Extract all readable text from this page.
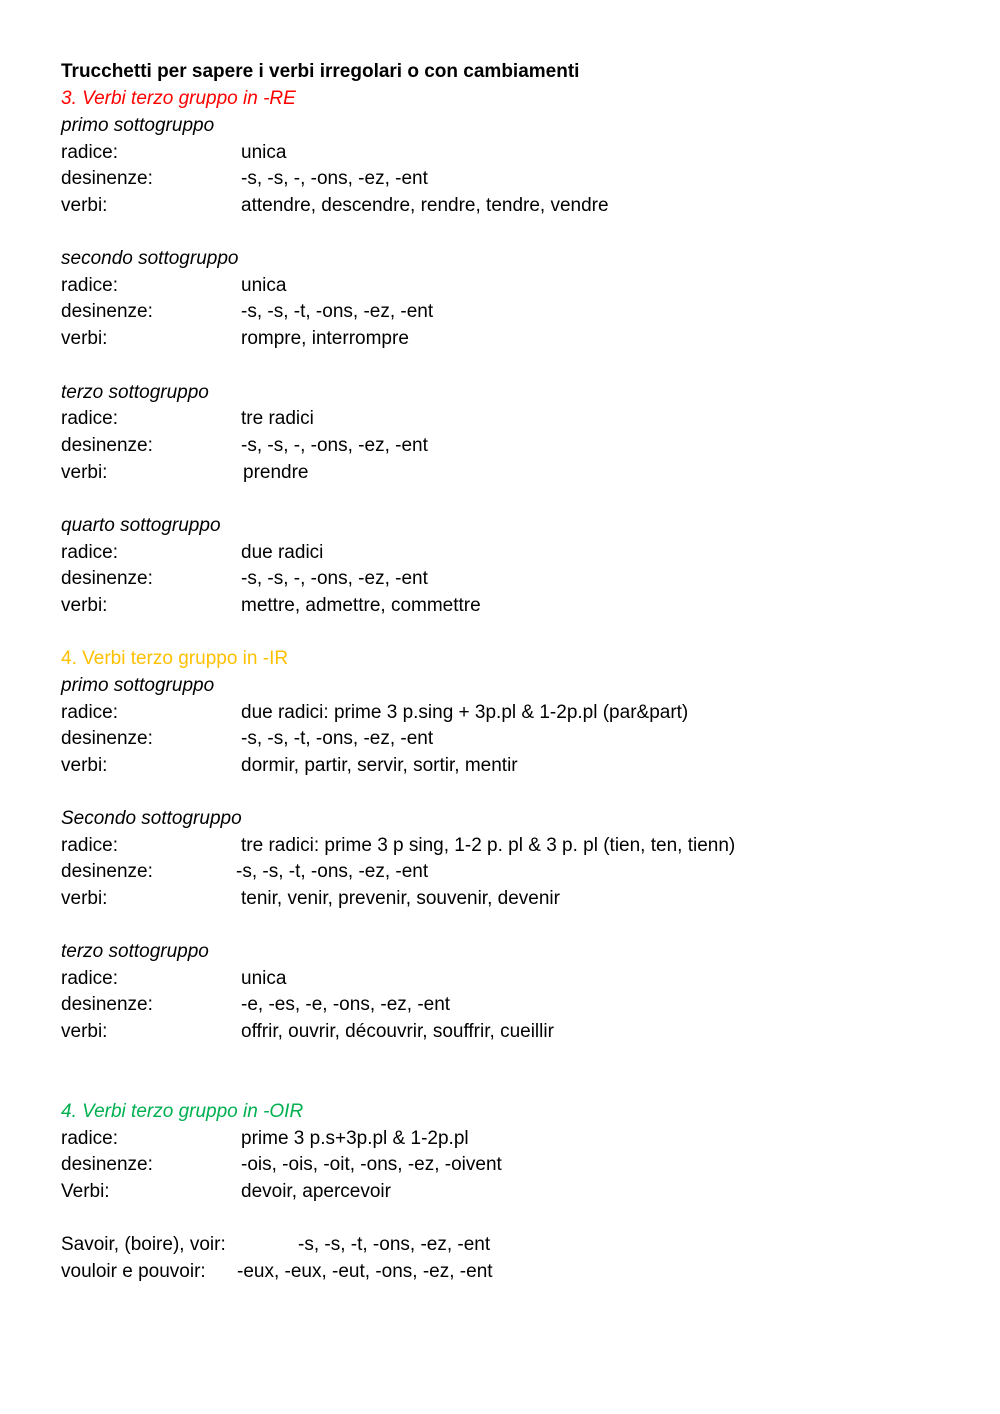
Trucchetti per sapere i verbi irregolari o con cambiamenti
3. Verbi terzo gruppo in -RE
primo sottogruppo
radice:	unica
desinenze:	-s, -s, -, -ons, -ez, -ent
verbi:	attendre, descendre, rendre, tendre, vendre
secondo sottogruppo
radice:	unica
desinenze:	-s, -s, -t, -ons, -ez, -ent
verbi:	rompre, interrompre
terzo sottogruppo
radice:	tre radici
desinenze:	-s, -s, -, -ons, -ez, -ent
verbi:	prendre
quarto sottogruppo
radice:	due radici
desinenze:	-s, -s, -, -ons, -ez, -ent
verbi:	mettre, admettre, commettre
4. Verbi terzo gruppo in -IR
primo sottogruppo
radice:	due radici: prime 3 p.sing + 3p.pl & 1-2p.pl (par&part)
desinenze:	-s, -s, -t, -ons, -ez, -ent
verbi:	dormir, partir, servir, sortir, mentir
Secondo sottogruppo
radice:	tre radici: prime 3 p sing, 1-2 p. pl & 3 p. pl (tien, ten, tienn)
desinenze:	-s, -s, -t, -ons, -ez, -ent
verbi:	tenir, venir, prevenir, souvenir, devenir
terzo sottogruppo
radice:	unica
desinenze:	-e, -es, -e, -ons, -ez, -ent
verbi:	offrir, ouvrir, découvrir, souffrir, cueillir
4. Verbi terzo gruppo in -OIR
radice:	prime 3 p.s+3p.pl & 1-2p.pl
desinenze:	-ois, -ois, -oit, -ons, -ez, -oivent
Verbi:	devoir, apercevoir
Savoir, (boire), voir:	-s, -s, -t, -ons, -ez, -ent
vouloir e pouvoir: -eux, -eux, -eut, -ons, -ez, -ent
